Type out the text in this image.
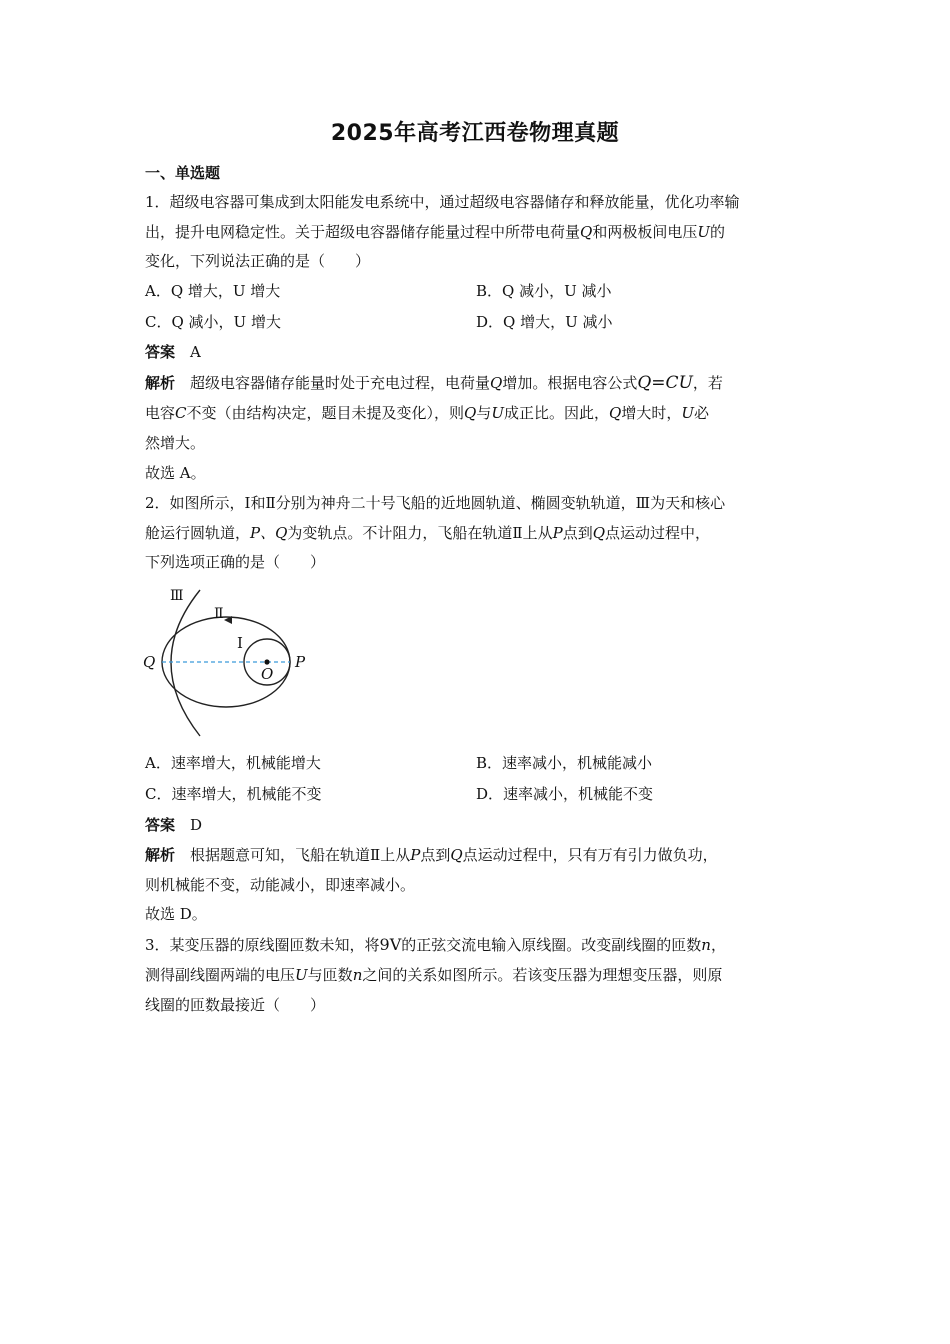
2025年高考江西卷物理真题
一、单选题
1．超级电容器可集成到太阳能发电系统中，通过超级电容器储存和释放能量，优化功率输
出，提升电网稳定性。关于超级电容器储存能量过程中所带电荷量Q和两极板间电压U的
变化，下列说法正确的是（　　）
A．Q 增大，U 增大	B．Q 减小，U 减小
C．Q 减小，U 增大	D．Q 增大，U 减小
答案　 A
解析　 超级电容器储存能量时处于充电过程，电荷量Q增加。根据电容公式Q=CU，若
电容C不变（由结构决定，题目未提及变化），则Q与U成正比。因此，Q增大时，U必
然增大。
故选 A。
2．如图所示，Ⅰ和Ⅱ分别为神舟二十号飞船的近地圆轨道、椭圆变轨轨道，Ⅲ为天和核心
舱运行圆轨道，P、Q为变轨点。不计阻力，飞船在轨道Ⅱ上从P点到Q点运动过程中，
下列选项正确的是（　　）
Ⅲ
Ⅱ
Ⅰ
Q	P
O
A．速率增大，机械能增大	B．速率减小，机械能减小
C．速率增大，机械能不变	D．速率减小，机械能不变
答案　 D
解析　 根据题意可知，飞船在轨道Ⅱ上从P点到Q点运动过程中，只有万有引力做负功，
则机械能不变，动能减小，即速率减小。
故选 D。
3．某变压器的原线圈匝数未知，将9V的正弦交流电输入原线圈。改变副线圈的匝数n，
测得副线圈两端的电压U与匝数n之间的关系如图所示。若该变压器为理想变压器，则原
线圈的匝数最接近（　　）
